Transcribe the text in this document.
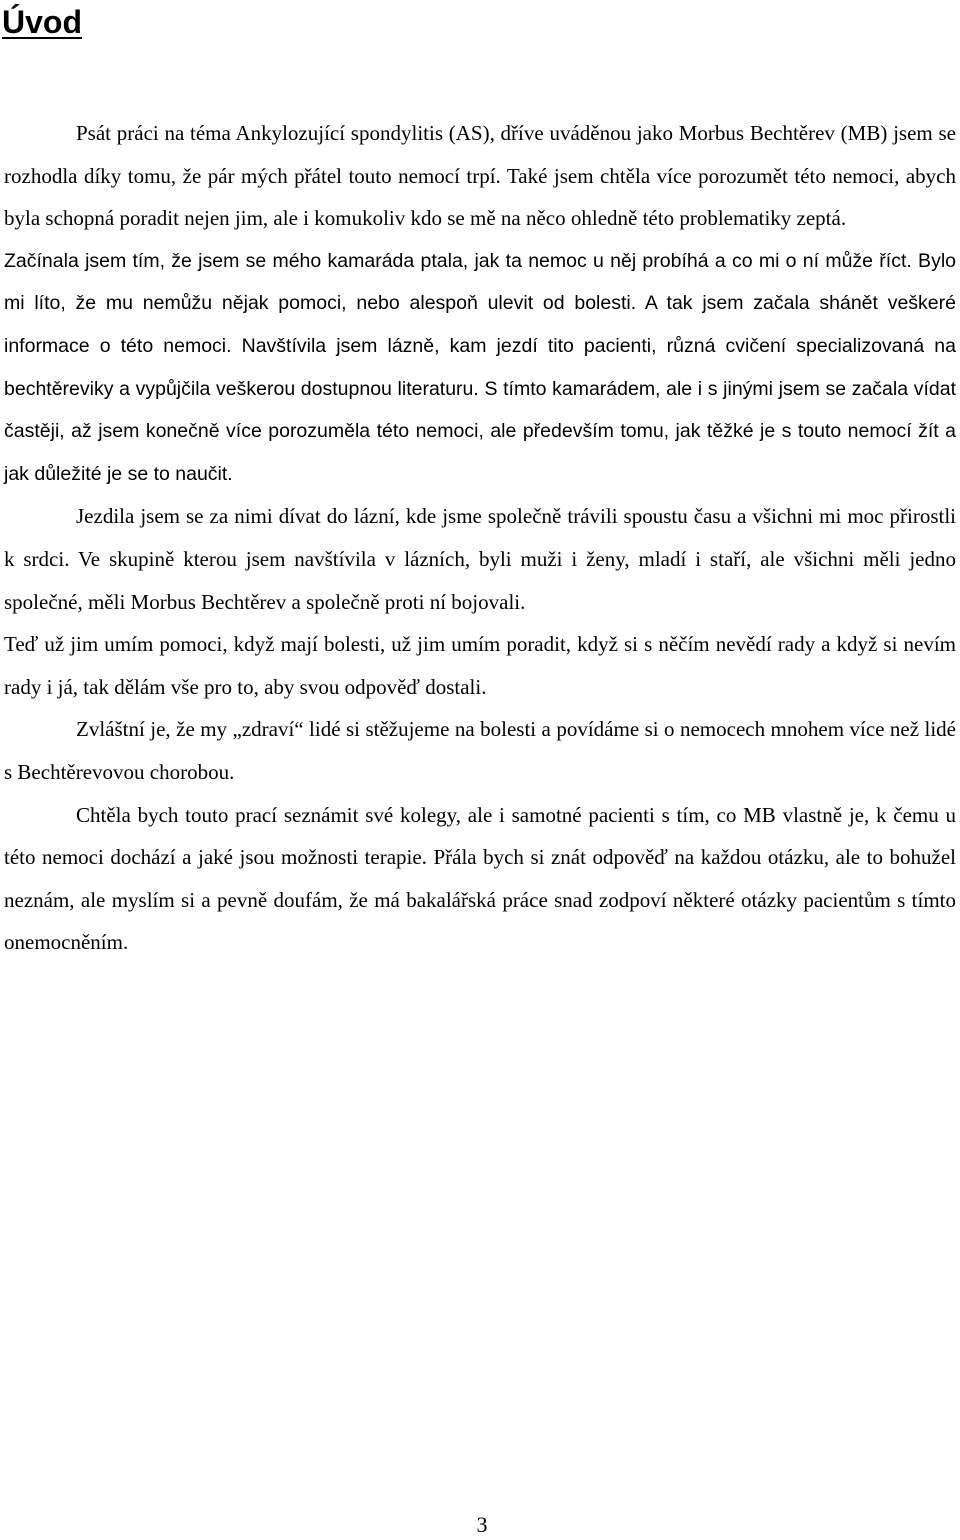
Úvod

Psát práci na téma Ankylozující spondylitis (AS), dříve uváděnou jako Morbus Bechtěrev (MB) jsem se rozhodla díky tomu, že pár mých přátel touto nemocí trpí. Také jsem chtěla více porozumět této nemoci, abych byla schopná poradit nejen jim, ale i komukoliv kdo se mě na něco ohledně této problematiky zeptá.

Začínala jsem tím, že jsem se mého kamaráda ptala, jak ta nemoc u něj probíhá a co mi o ní může říct. Bylo mi líto, že mu nemůžu nějak pomoci, nebo alespoň ulevit od bolesti. A tak jsem začala shánět veškeré informace o této nemoci. Navštívila jsem lázně, kam jezdí tito pacienti, různá cvičení specializovaná na bechtěreviky a vypůjčila veškerou dostupnou literaturu. S tímto kamarádem, ale i s jinými jsem se začala vídat častěji, až jsem konečně více porozuměla této nemoci, ale především tomu, jak těžké je s touto nemocí žít a jak důležité je se to naučit.

Jezdila jsem se za nimi dívat do lázní, kde jsme společně trávili spoustu času a všichni mi moc přirostli k srdci. Ve skupině kterou jsem navštívila v lázních, byli muži i ženy, mladí i staří, ale všichni měli jedno společné, měli Morbus Bechtěrev a společně proti ní bojovali.

Teď už jim umím pomoci, když mají bolesti, už jim umím poradit, když si s něčím nevědí rady a když si nevím rady i já, tak dělám vše pro to, aby svou odpověď dostali.

Zvláštní je, že my „zdraví“ lidé si stěžujeme na bolesti a povídáme si o nemocech mnohem více než lidé s Bechtěrevovou chorobou.

Chtěla bych touto prací seznámit své kolegy, ale i samotné pacienti s tím, co MB vlastně je, k čemu u této nemoci dochází a jaké jsou možnosti terapie. Přála bych si znát odpověď na každou otázku, ale to bohužel neznám, ale myslím si a pevně doufám, že má bakalářská práce snad zodpoví některé otázky pacientům s tímto onemocněním.

3
